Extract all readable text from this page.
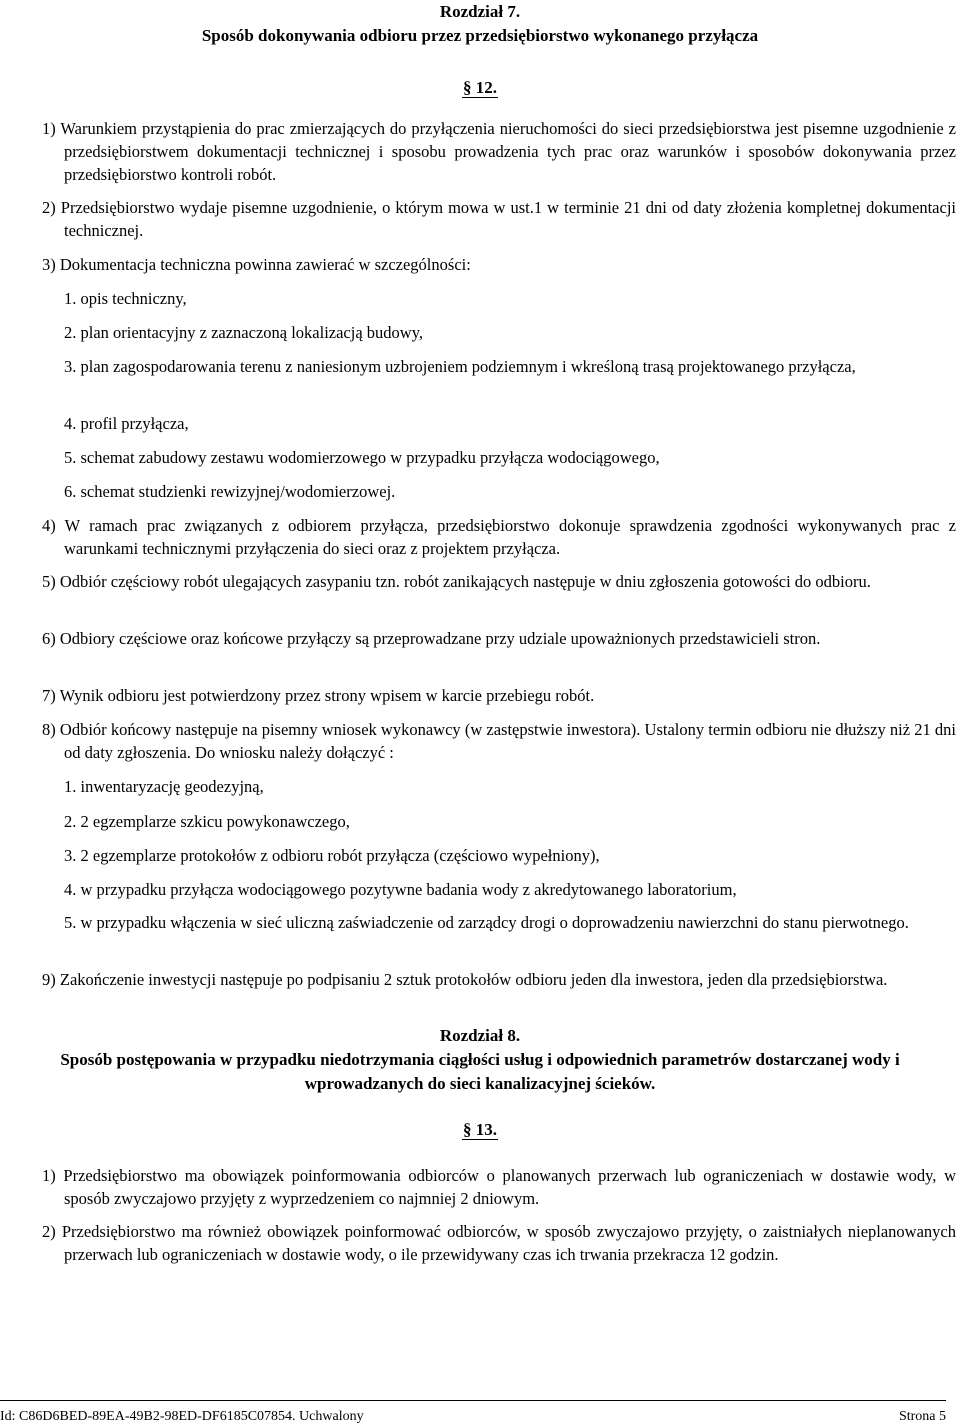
Rozdział 7.

Sposób dokonywania odbioru przez przedsiębiorstwo wykonanego przyłącza

§ 12.

1) Warunkiem przystąpienia do prac zmierzających do przyłączenia nieruchomości do sieci przedsiębiorstwa jest pisemne uzgodnienie z przedsiębiorstwem dokumentacji technicznej i sposobu prowadzenia tych prac oraz warunków i sposobów dokonywania przez przedsiębiorstwo kontroli robót.

2) Przedsiębiorstwo wydaje pisemne uzgodnienie, o którym mowa w ust.1 w terminie 21 dni od daty złożenia kompletnej dokumentacji technicznej.

3) Dokumentacja techniczna powinna zawierać w szczególności:

1. opis techniczny,

2. plan orientacyjny z zaznaczoną lokalizacją budowy,

3. plan zagospodarowania terenu z naniesionym uzbrojeniem podziemnym i wkreśloną trasą projektowanego przyłącza,

4. profil przyłącza,

5. schemat zabudowy zestawu wodomierzowego w przypadku przyłącza wodociągowego,

6. schemat studzienki rewizyjnej/wodomierzowej.

4) W ramach prac związanych z odbiorem przyłącza, przedsiębiorstwo dokonuje sprawdzenia zgodności wykonywanych prac z warunkami technicznymi przyłączenia do sieci oraz z projektem przyłącza.

5) Odbiór częściowy robót ulegających zasypaniu tzn. robót zanikających następuje w dniu zgłoszenia gotowości do odbioru.

6) Odbiory częściowe oraz końcowe przyłączy są przeprowadzane przy udziale upoważnionych przedstawicieli stron.

7) Wynik odbioru jest potwierdzony przez strony wpisem w karcie przebiegu robót.

8) Odbiór końcowy następuje na pisemny wniosek wykonawcy (w zastępstwie inwestora). Ustalony termin odbioru nie dłuższy niż 21 dni od daty zgłoszenia. Do wniosku należy dołączyć :

1. inwentaryzację geodezyjną,

2. 2 egzemplarze szkicu powykonawczego,

3. 2 egzemplarze protokołów z odbioru robót przyłącza (częściowo wypełniony),

4. w przypadku przyłącza wodociągowego pozytywne badania wody z akredytowanego laboratorium,

5. w przypadku włączenia w sieć uliczną zaświadczenie od zarządcy drogi o doprowadzeniu nawierzchni do stanu pierwotnego.

9) Zakończenie inwestycji następuje po podpisaniu 2 sztuk protokołów odbioru jeden dla inwestora, jeden dla przedsiębiorstwa.

Rozdział 8.

Sposób postępowania w przypadku niedotrzymania ciągłości usług i odpowiednich parametrów dostarczanej wody i wprowadzanych do sieci kanalizacyjnej ścieków.

§ 13.

1) Przedsiębiorstwo ma obowiązek poinformowania odbiorców o planowanych przerwach lub ograniczeniach w dostawie wody, w sposób zwyczajowo przyjęty z wyprzedzeniem co najmniej 2 dniowym.

2) Przedsiębiorstwo ma również obowiązek poinformować odbiorców, w sposób zwyczajowo przyjęty, o zaistniałych nieplanowanych przerwach lub ograniczeniach w dostawie wody, o ile przewidywany czas ich trwania przekracza 12 godzin.

Id: C86D6BED-89EA-49B2-98ED-DF6185C07854. Uchwalony	Strona 5
